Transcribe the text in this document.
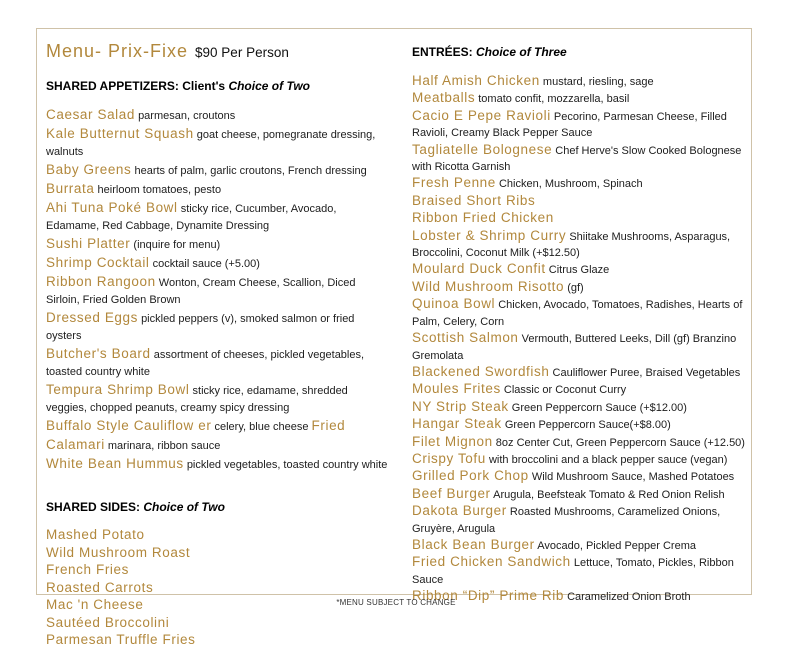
Menu- Prix-Fixe $90 Per Person
SHARED APPETIZERS: Client's Choice of Two
Caesar Salad parmesan, croutons
Kale Butternut Squash goat cheese, pomegranate dressing, walnuts
Baby Greens hearts of palm, garlic croutons, French dressing
Burrata heirloom tomatoes, pesto
Ahi Tuna Poké Bowl sticky rice, Cucumber, Avocado, Edamame, Red Cabbage, Dynamite Dressing
Sushi Platter (inquire for menu)
Shrimp Cocktail cocktail sauce (+5.00)
Ribbon Rangoon Wonton, Cream Cheese, Scallion, Diced Sirloin, Fried Golden Brown
Dressed Eggs pickled peppers (v), smoked salmon or fried oysters
Butcher's Board assortment of cheeses, pickled vegetables, toasted country white
Tempura Shrimp Bowl sticky rice, edamame, shredded veggies, chopped peanuts, creamy spicy dressing
Buffalo Style Cauliflow er celery, blue cheese Fried Calamari marinara, ribbon sauce
White Bean Hummus pickled vegetables, toasted country white
SHARED SIDES: Choice of Two
Mashed Potato
Wild Mushroom Roast
French Fries
Roasted Carrots
Mac 'n Cheese
Sautéed Broccolini
Parmesan Truffle Fries
ENTRÉES: Choice of Three
Half Amish Chicken mustard, riesling, sage
Meatballs tomato confit, mozzarella, basil
Cacio E Pepe Ravioli Pecorino, Parmesan Cheese, Filled Ravioli, Creamy Black Pepper Sauce
Tagliatelle Bolognese Chef Herve's Slow Cooked Bolognese with Ricotta Garnish
Fresh Penne Chicken, Mushroom, Spinach
Braised Short Ribs
Ribbon Fried Chicken
Lobster & Shrimp Curry Shiitake Mushrooms, Asparagus, Broccolini, Coconut Milk (+$12.50)
Moulard Duck Confit Citrus Glaze
Wild Mushroom Risotto (gf)
Quinoa Bowl Chicken, Avocado, Tomatoes, Radishes, Hearts of Palm, Celery, Corn
Scottish Salmon Vermouth, Buttered Leeks, Dill (gf) Branzino Gremolata
Blackened Swordfish Cauliflower Puree, Braised Vegetables
Moules Frites Classic or Coconut Curry
NY Strip Steak Green Peppercorn Sauce (+$12.00)
Hangar Steak Green Peppercorn Sauce(+$8.00)
Filet Mignon 8oz Center Cut, Green Peppercorn Sauce (+12.50)
Crispy Tofu with broccolini and a black pepper sauce (vegan)
Grilled Pork Chop Wild Mushroom Sauce, Mashed Potatoes
Beef Burger Arugula, Beefsteak Tomato & Red Onion Relish
Dakota Burger Roasted Mushrooms, Caramelized Onions, Gruyère, Arugula
Black Bean Burger Avocado, Pickled Pepper Crema
Fried Chicken Sandwich Lettuce, Tomato, Pickles, Ribbon Sauce
Ribbon “Dip” Prime Rib Caramelized Onion Broth
*MENU SUBJECT TO CHANGE
